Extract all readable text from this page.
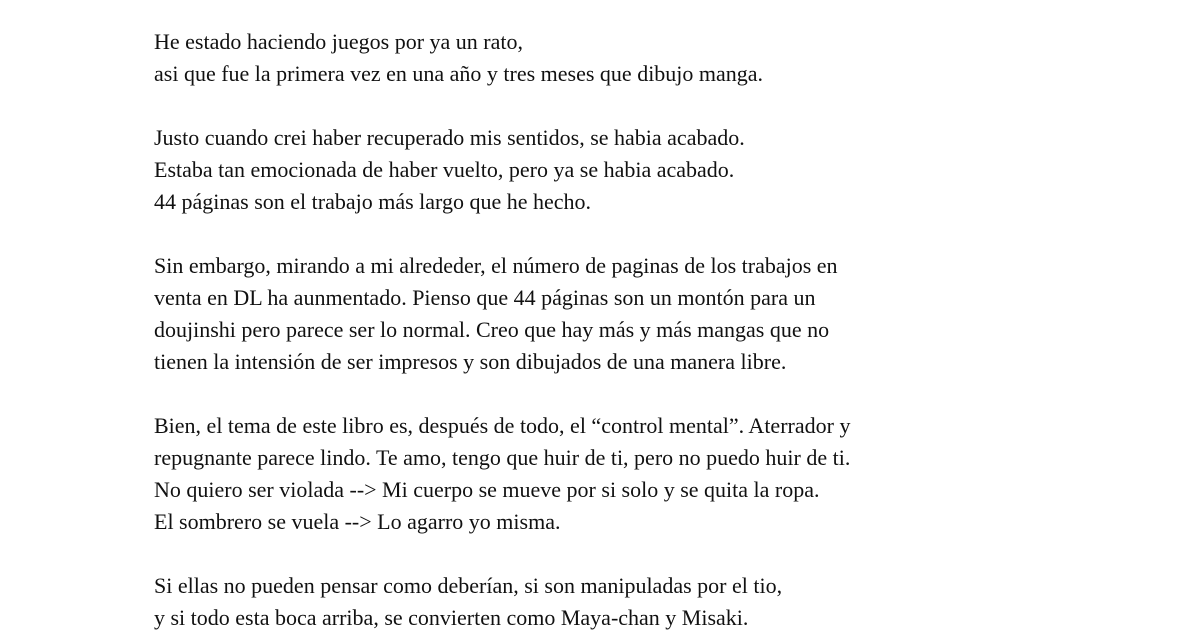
He estado haciendo juegos por ya un rato,
asi que fue la primera vez en una año y tres meses que dibujo manga.

Justo cuando crei haber recuperado mis sentidos, se habia acabado.
Estaba tan emocionada de haber vuelto, pero ya se habia acabado.
44 páginas son el trabajo más largo que he hecho.

Sin embargo, mirando a mi alrededer, el número de paginas de los trabajos en
venta en DL ha aunmentado. Pienso que 44 páginas son un montón para un
doujinshi pero parece ser lo normal. Creo que hay más y más mangas que no
tienen la intensión de ser impresos y son dibujados de una manera libre.

Bien, el tema de este libro es, después de todo, el “control mental”. Aterrador y
repugnante parece lindo. Te amo, tengo que huir de ti, pero no puedo huir de ti.
No quiero ser violada --> Mi cuerpo se mueve por si solo y se quita la ropa.
El sombrero se vuela --> Lo agarro yo misma.

Si ellas no pueden pensar como deberían, si son manipuladas por el tio,
y si todo esta boca arriba, se convierten como Maya-chan y Misaki.
